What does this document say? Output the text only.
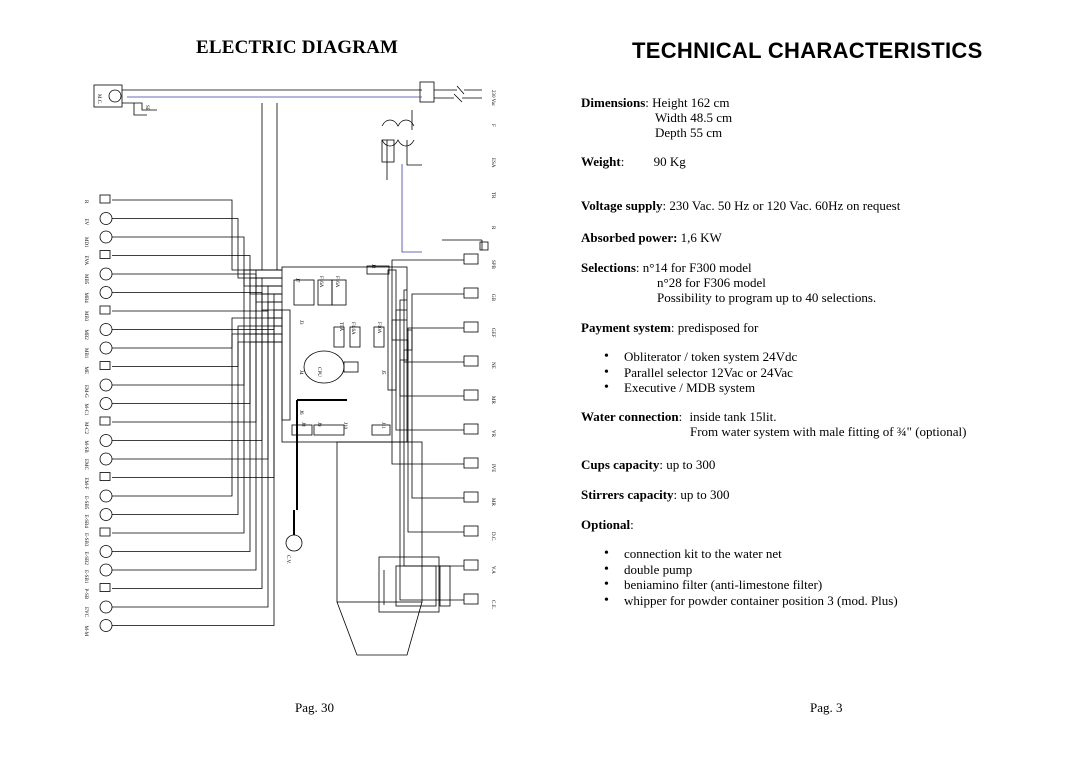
ELECTRIC DIAGRAM	TECHNICAL CHARACTERISTICS
R
EV
MD1
EVA
MB5
MB4
MB3
MB2
MB1
ME
EM-G
M-C1
M-C2
M-SB
EMC
EM-F
E-SB5
E-SB4
E-SB3
E-SB2
E-SB1
P-SB
EVC
M-M
M.C.
SE
J7	F16A F16A
T5A F1.6A	F10A
J2
J3
J4	J5
J6
J8 J9	J10	J11
CPU
C.V.
230 Vac
F
ESA
TR
R
SPB
GB
GEF
NE
MR
VR
IVE
MR
D.C.
V.A
C.E.
Dimensions: Height 162 cm
Width 48.5 cm
Depth 55 cm
Weight: 90 Kg
Voltage supply: 230 Vac. 50 Hz or 120 Vac. 60Hz on request
Absorbed power: 1,6 KW
Selections: n°14 for F300 model
n°28 for F306 model
Possibility to program up to 40 selections.
Payment system: predisposed for
• Obliterator / token system 24Vdc
• Parallel selector 12Vac or 24Vac
• Executive / MDB system
Water connection: inside tank 15lit.
From water system with male fitting of ¾" (optional)
Cups capacity: up to 300
Stirrers capacity: up to 300
Optional:
• connection kit to the water net
• double pump
• beniamino filter (anti-limestone filter)
• whipper for powder container position 3 (mod. Plus)
Pag. 30	Pag. 3
